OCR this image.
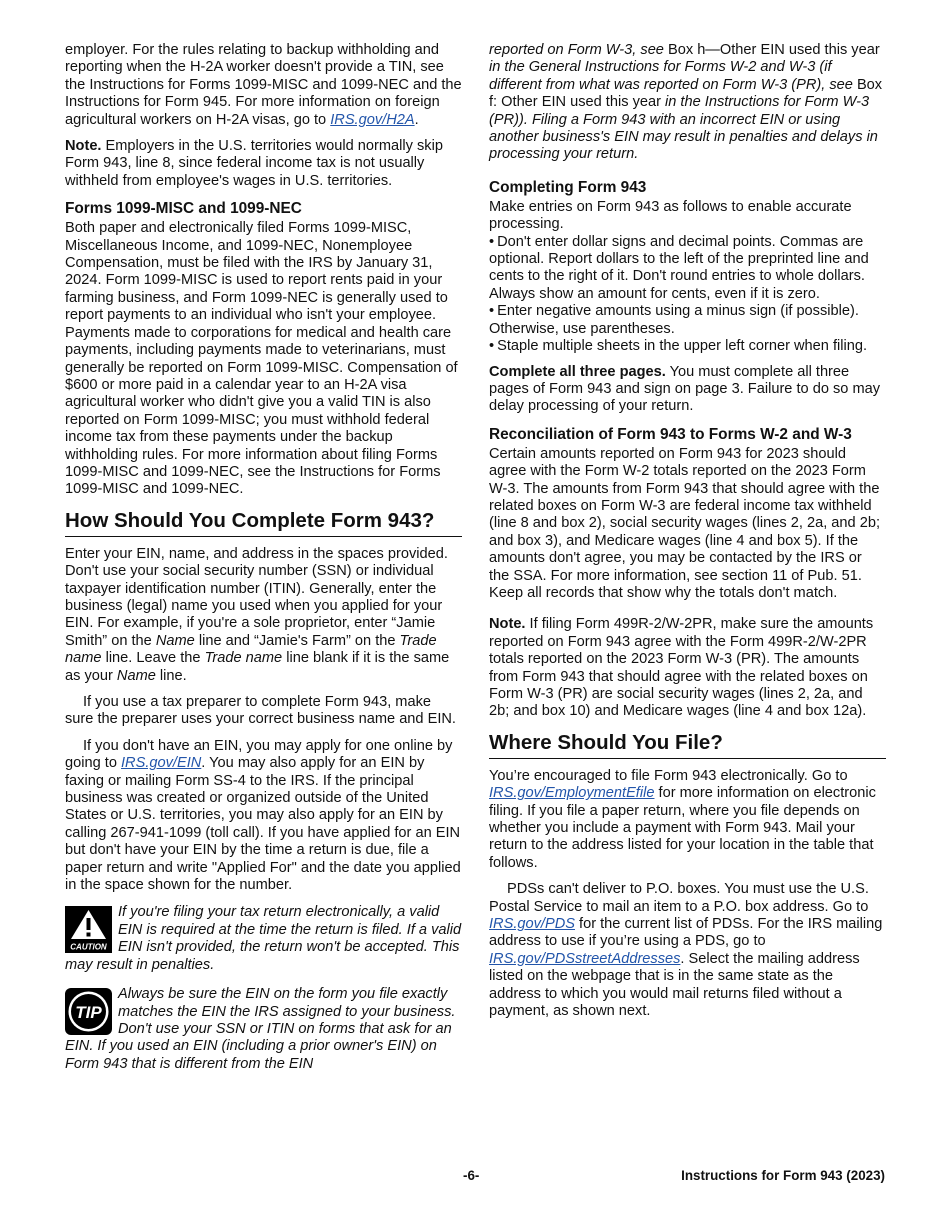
employer. For the rules relating to backup withholding and reporting when the H-2A worker doesn't provide a TIN, see the Instructions for Forms 1099-MISC and 1099-NEC and the Instructions for Form 945. For more information on foreign agricultural workers on H-2A visas, go to IRS.gov/H2A.

Note. Employers in the U.S. territories would normally skip Form 943, line 8, since federal income tax is not usually withheld from employee's wages in U.S. territories.

Forms 1099-MISC and 1099-NEC

Both paper and electronically filed Forms 1099-MISC, Miscellaneous Income, and 1099-NEC, Nonemployee Compensation, must be filed with the IRS by January 31, 2024. Form 1099-MISC is used to report rents paid in your farming business, and Form 1099-NEC is generally used to report payments to an individual who isn't your employee. Payments made to corporations for medical and health care payments, including payments made to veterinarians, must generally be reported on Form 1099-MISC. Compensation of $600 or more paid in a calendar year to an H-2A visa agricultural worker who didn't give you a valid TIN is also reported on Form 1099-MISC; you must withhold federal income tax from these payments under the backup withholding rules. For more information about filing Forms 1099-MISC and 1099-NEC, see the Instructions for Forms 1099-MISC and 1099-NEC.

How Should You Complete Form 943?

Enter your EIN, name, and address in the spaces provided. Don't use your social security number (SSN) or individual taxpayer identification number (ITIN). Generally, enter the business (legal) name you used when you applied for your EIN. For example, if you're a sole proprietor, enter “Jamie Smith” on the Name line and “Jamie's Farm” on the Trade name line. Leave the Trade name line blank if it is the same as your Name line.

If you use a tax preparer to complete Form 943, make sure the preparer uses your correct business name and EIN.

If you don't have an EIN, you may apply for one online by going to IRS.gov/EIN. You may also apply for an EIN by faxing or mailing Form SS-4 to the IRS. If the principal business was created or organized outside of the United States or U.S. territories, you may also apply for an EIN by calling 267-941-1099 (toll call). If you have applied for an EIN but don't have your EIN by the time a return is due, file a paper return and write "Applied For" and the date you applied in the space shown for the number.

CAUTION
If you're filing your tax return electronically, a valid EIN is required at the time the return is filed. If a valid EIN isn't provided, the return won't be accepted. This may result in penalties.
TIP
Always be sure the EIN on the form you file exactly matches the EIN the IRS assigned to your business. Don't use your SSN or ITIN on forms that ask for an EIN. If you used an EIN (including a prior owner's EIN) on Form 943 that is different from the EIN

reported on Form W-3, see Box h—Other EIN used this year in the General Instructions for Forms W-2 and W-3 (if different from what was reported on Form W-3 (PR), see Box f: Other EIN used this year in the Instructions for Form W-3 (PR)). Filing a Form 943 with an incorrect EIN or using another business's EIN may result in penalties and delays in processing your return.

Completing Form 943

Make entries on Form 943 as follows to enable accurate processing.

• Don't enter dollar signs and decimal points. Commas are optional. Report dollars to the left of the preprinted line and cents to the right of it. Don't round entries to whole dollars. Always show an amount for cents, even if it is zero.

• Enter negative amounts using a minus sign (if possible). Otherwise, use parentheses.

• Staple multiple sheets in the upper left corner when filing.

Complete all three pages. You must complete all three pages of Form 943 and sign on page 3. Failure to do so may delay processing of your return.

Reconciliation of Form 943 to Forms W-2 and W-3

Certain amounts reported on Form 943 for 2023 should agree with the Form W-2 totals reported on the 2023 Form W-3. The amounts from Form 943 that should agree with the related boxes on Form W-3 are federal income tax withheld (line 8 and box 2), social security wages (lines 2, 2a, and 2b; and box 3), and Medicare wages (line 4 and box 5). If the amounts don't agree, you may be contacted by the IRS or the SSA. For more information, see section 11 of Pub. 51. Keep all records that show why the totals don't match.

Note. If filing Form 499R-2/W-2PR, make sure the amounts reported on Form 943 agree with the Form 499R-2/W-2PR totals reported on the 2023 Form W-3 (PR). The amounts from Form 943 that should agree with the related boxes on Form W-3 (PR) are social security wages (lines 2, 2a, and 2b; and box 10) and Medicare wages (line 4 and box 12a).

Where Should You File?

You’re encouraged to file Form 943 electronically. Go to IRS.gov/EmploymentEfile for more information on electronic filing. If you file a paper return, where you file depends on whether you include a payment with Form 943. Mail your return to the address listed for your location in the table that follows.

PDSs can't deliver to P.O. boxes. You must use the U.S. Postal Service to mail an item to a P.O. box address. Go to IRS.gov/PDS for the current list of PDSs. For the IRS mailing address to use if you’re using a PDS, go to IRS.gov/PDSstreetAddresses. Select the mailing address listed on the webpage that is in the same state as the address to which you would mail returns filed without a payment, as shown next.

-6-	Instructions for Form 943 (2023)
